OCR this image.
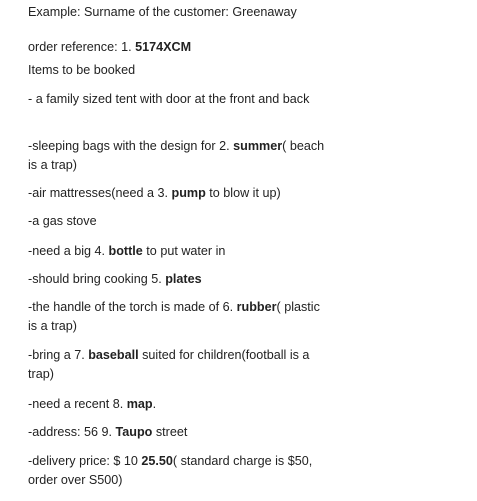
Example: Surname of the customer: Greenaway

order reference: 1. 5174XCM

Items to be booked

- a family sized tent with door at the front and back

-sleeping bags with the design for 2. summer( beach is a trap)

-air mattresses(need a 3. pump to blow it up)

-a gas stove

-need a big 4. bottle to put water in

-should bring cooking 5. plates

-the handle of the torch is made of 6. rubber( plastic is a trap)

-bring a 7. baseball suited for children(football is a trap)

-need a recent 8. map.

-address: 56 9. Taupo street

-delivery price: $ 10 25.50( standard charge is $50, order over S500)
